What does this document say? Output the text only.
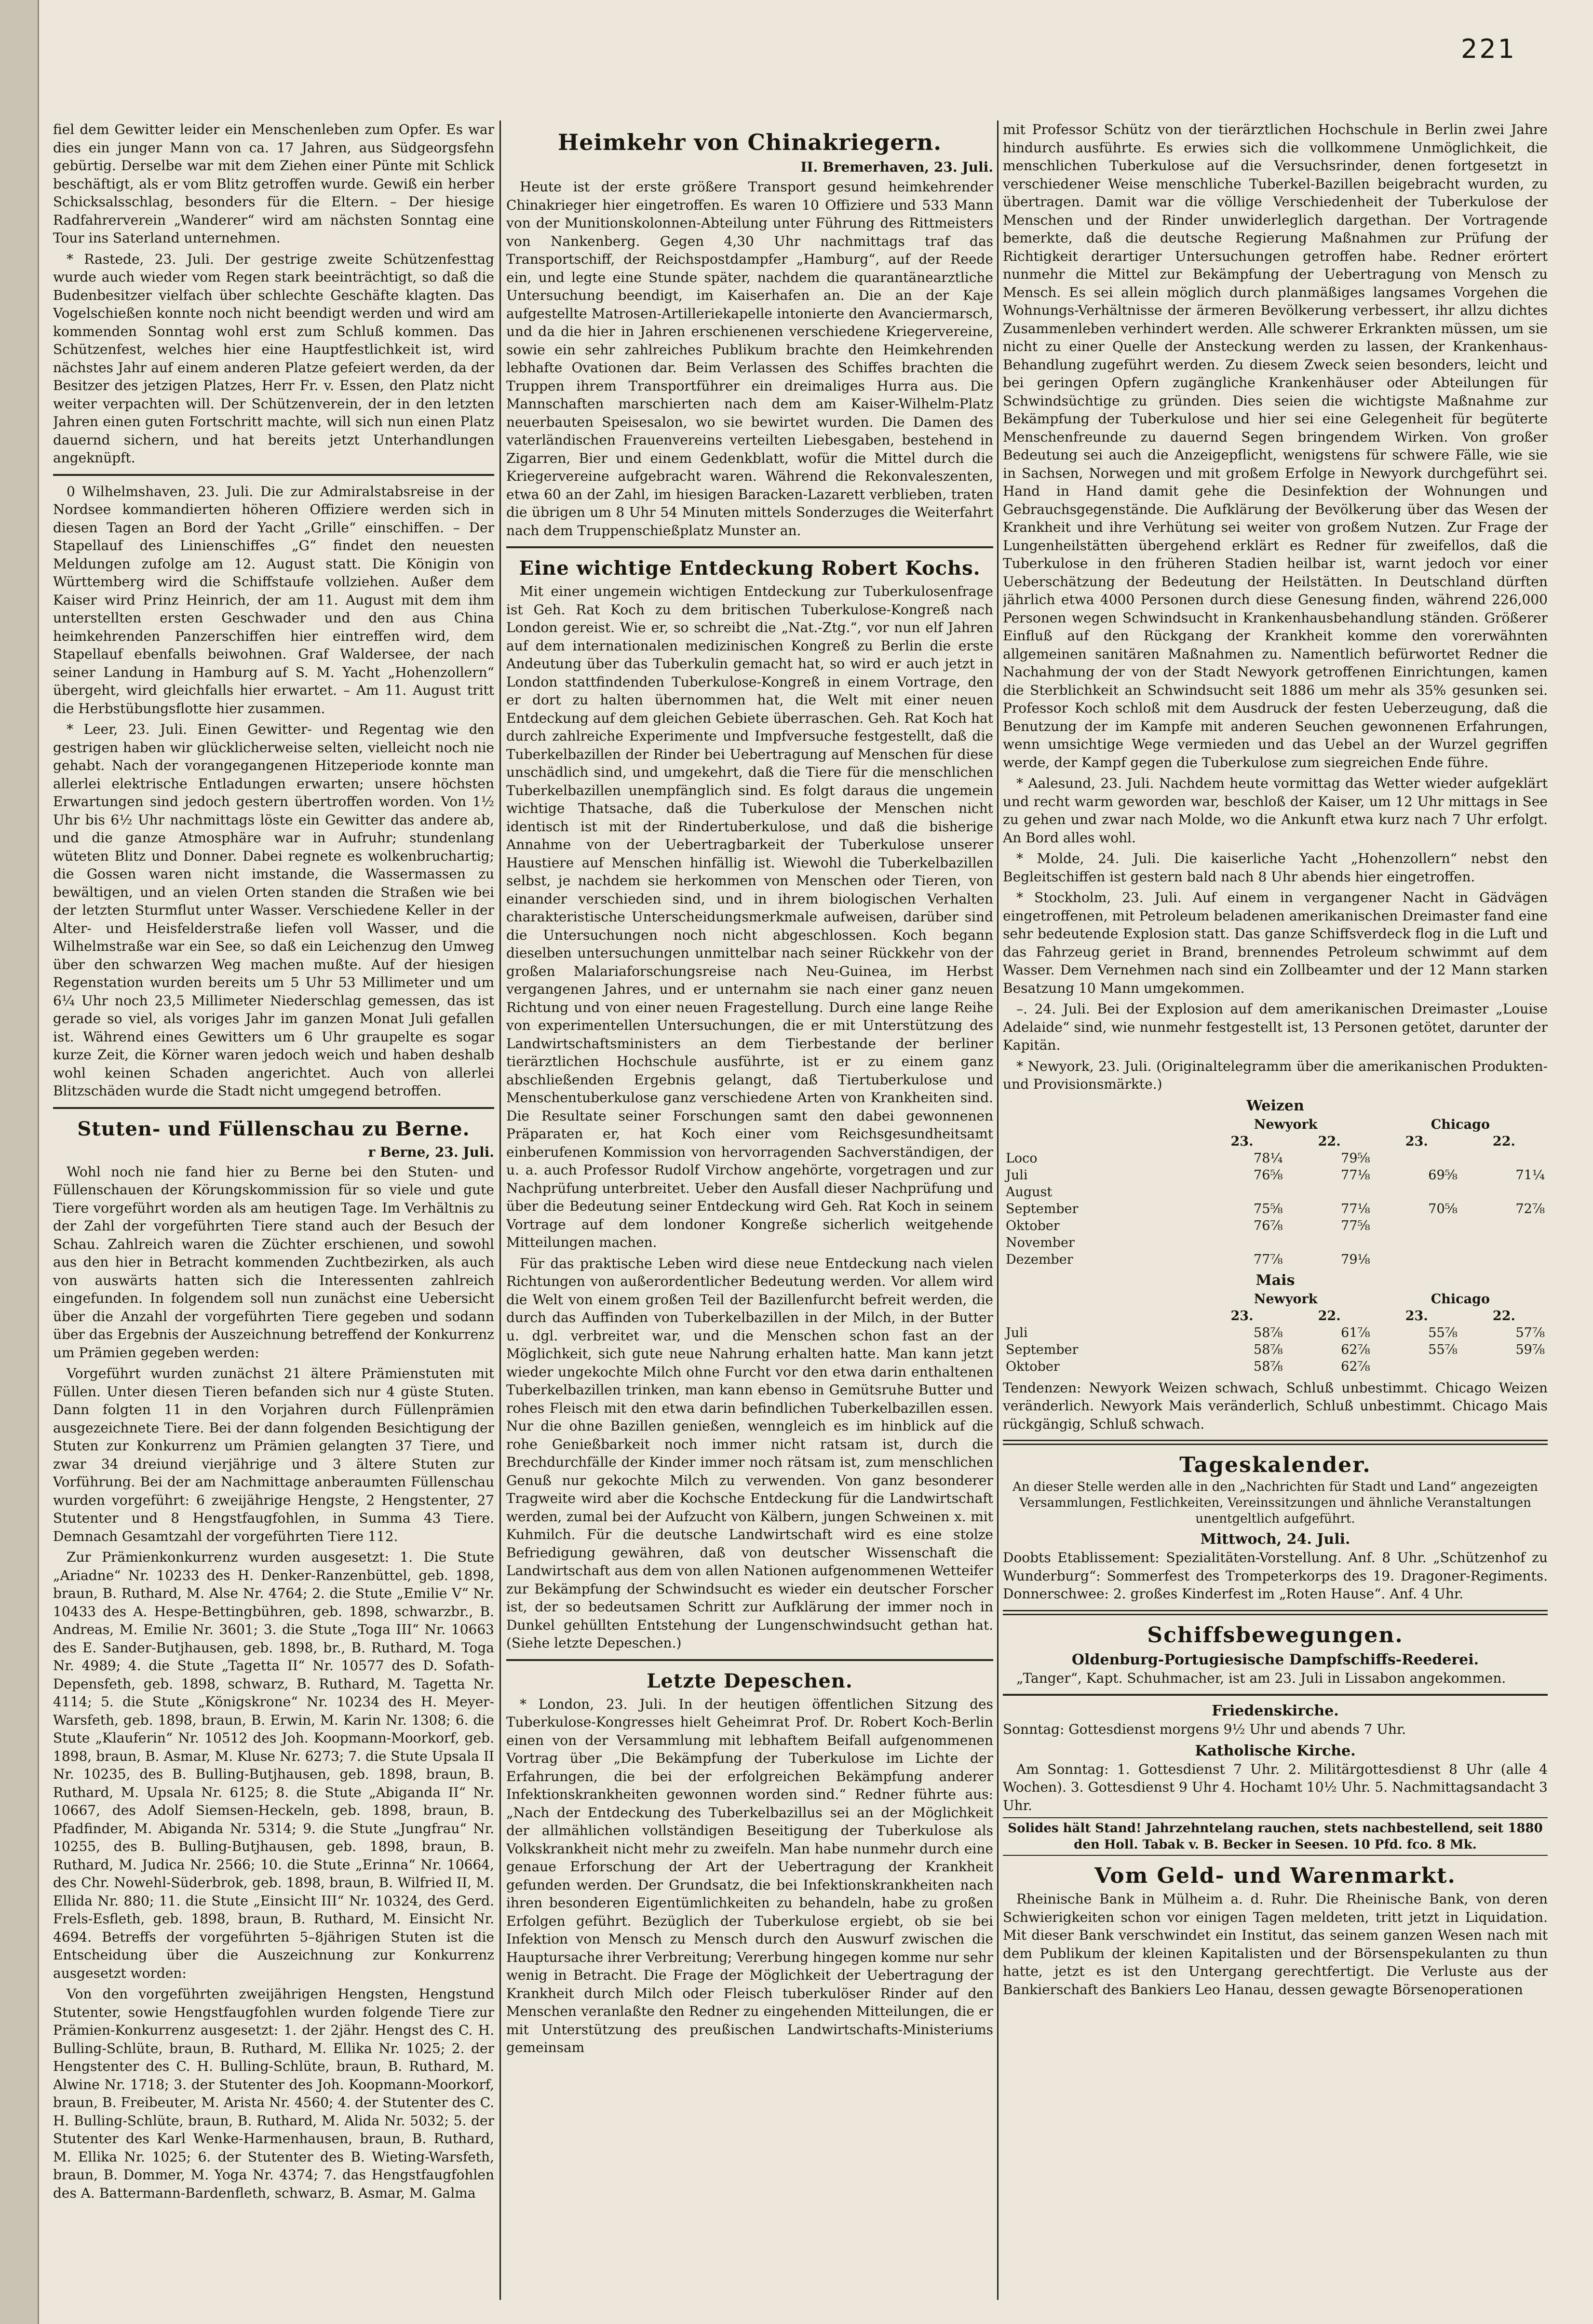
221

fiel dem Gewitter leider ein Menschenleben zum Opfer. Es war dies ein junger Mann von ca. 17 Jahren, aus Südgeorgsfehn gebürtig. Derselbe war mit dem Ziehen einer Pünte mit Schlick beschäftigt, als er vom Blitz getroffen wurde. Gewiß ein herber Schicksalsschlag, besonders für die Eltern. – Der hiesige Radfahrerverein „Wanderer“ wird am nächsten Sonntag eine Tour ins Saterland unternehmen.

* Rastede, 23. Juli. Der gestrige zweite Schützenfesttag wurde auch wieder vom Regen stark beeinträchtigt, so daß die Budenbesitzer vielfach über schlechte Geschäfte klagten. Das Vogelschießen konnte noch nicht beendigt werden und wird am kommenden Sonntag wohl erst zum Schluß kommen. Das Schützenfest, welches hier eine Hauptfestlichkeit ist, wird nächstes Jahr auf einem anderen Platze gefeiert werden, da der Besitzer des jetzigen Platzes, Herr Fr. v. Essen, den Platz nicht weiter verpachten will. Der Schützenverein, der in den letzten Jahren einen guten Fortschritt machte, will sich nun einen Platz dauernd sichern, und hat bereits jetzt Unterhandlungen angeknüpft.

0 Wilhelmshaven, 23. Juli. Die zur Admiralstabsreise in der Nordsee kommandierten höheren Offiziere werden sich in diesen Tagen an Bord der Yacht „Grille“ einschiffen. – Der Stapellauf des Linienschiffes „G“ findet den neuesten Meldungen zufolge am 12. August statt. Die Königin von Württemberg wird die Schiffstaufe vollziehen. Außer dem Kaiser wird Prinz Heinrich, der am 11. August mit dem ihm unterstellten ersten Geschwader und den aus China heimkehrenden Panzerschiffen hier eintreffen wird, dem Stapellauf ebenfalls beiwohnen. Graf Waldersee, der nach seiner Landung in Hamburg auf S. M. Yacht „Hohenzollern“ übergeht, wird gleichfalls hier erwartet. – Am 11. August tritt die Herbstübungsflotte hier zusammen.

* Leer, 23. Juli. Einen Gewitter- und Regentag wie den gestrigen haben wir glücklicherweise selten, vielleicht noch nie gehabt. Nach der vorangegangenen Hitzeperiode konnte man allerlei elektrische Entladungen erwarten; unsere höchsten Erwartungen sind jedoch gestern übertroffen worden. Von 1½ Uhr bis 6½ Uhr nachmittags löste ein Gewitter das andere ab, und die ganze Atmosphäre war in Aufruhr; stundenlang wüteten Blitz und Donner. Dabei regnete es wolkenbruchartig; die Gossen waren nicht imstande, die Wassermassen zu bewältigen, und an vielen Orten standen die Straßen wie bei der letzten Sturmflut unter Wasser. Verschiedene Keller in der Alter- und Heisfelderstraße liefen voll Wasser, und die Wilhelmstraße war ein See, so daß ein Leichenzug den Umweg über den schwarzen Weg machen mußte. Auf der hiesigen Regenstation wurden bereits um 5 Uhr 53 Millimeter und um 6¼ Uhr noch 23,5 Millimeter Niederschlag gemessen, das ist gerade so viel, als voriges Jahr im ganzen Monat Juli gefallen ist. Während eines Gewitters um 6 Uhr graupelte es sogar kurze Zeit, die Körner waren jedoch weich und haben deshalb wohl keinen Schaden angerichtet. Auch von allerlei Blitzschäden wurde die Stadt nicht umgegend betroffen.

Stuten- und Füllenschau zu Berne.
r Berne, 23. Juli.

Wohl noch nie fand hier zu Berne bei den Stuten- und Füllenschauen der Körungskommission für so viele und gute Tiere vorgeführt worden als am heutigen Tage. Im Verhältnis zu der Zahl der vorgeführten Tiere stand auch der Besuch der Schau. Zahlreich waren die Züchter erschienen, und sowohl aus den hier in Betracht kommenden Zuchtbezirken, als auch von auswärts hatten sich die Interessenten zahlreich eingefunden. In folgendem soll nun zunächst eine Uebersicht über die Anzahl der vorgeführten Tiere gegeben und sodann über das Ergebnis der Auszeichnung betreffend der Konkurrenz um Prämien gegeben werden:

Vorgeführt wurden zunächst 21 ältere Prämienstuten mit Füllen. Unter diesen Tieren befanden sich nur 4 güste Stuten. Dann folgten 11 in den Vorjahren durch Füllenprämien ausgezeichnete Tiere. Bei der dann folgenden Besichtigung der Stuten zur Konkurrenz um Prämien gelangten 37 Tiere, und zwar 34 dreiund vierjährige und 3 ältere Stuten zur Vorführung. Bei der am Nachmittage anberaumten Füllenschau wurden vorgeführt: 6 zweijährige Hengste, 2 Hengstenter, 27 Stutenter und 8 Hengstfaugfohlen, in Summa 43 Tiere. Demnach Gesamtzahl der vorgeführten Tiere 112.

Zur Prämienkonkurrenz wurden ausgesetzt: 1. Die Stute „Ariadne“ Nr. 10233 des H. Denker-Ranzenbüttel, geb. 1898, braun, B. Ruthard, M. Alse Nr. 4764; 2. die Stute „Emilie V“ Nr. 10433 des A. Hespe-Bettingbühren, geb. 1898, schwarzbr., B. Andreas, M. Emilie Nr. 3601; 3. die Stute „Toga III“ Nr. 10663 des E. Sander-Butjhausen, geb. 1898, br., B. Ruthard, M. Toga Nr. 4989; 4. die Stute „Tagetta II“ Nr. 10577 des D. Sofath-Depensfeth, geb. 1898, schwarz, B. Ruthard, M. Tagetta Nr. 4114; 5. die Stute „Königskrone“ Nr. 10234 des H. Meyer-Warsfeth, geb. 1898, braun, B. Erwin, M. Karin Nr. 1308; 6. die Stute „Klauferin“ Nr. 10512 des Joh. Koopmann-Moorkorf, geb. 1898, braun, B. Asmar, M. Kluse Nr. 6273; 7. die Stute Upsala II Nr. 10235, des B. Bulling-Butjhausen, geb. 1898, braun, B. Ruthard, M. Upsala Nr. 6125; 8. die Stute „Abiganda II“ Nr. 10667, des Adolf Siemsen-Heckeln, geb. 1898, braun, B. Pfadfinder, M. Abiganda Nr. 5314; 9. die Stute „Jungfrau“ Nr. 10255, des B. Bulling-Butjhausen, geb. 1898, braun, B. Ruthard, M. Judica Nr. 2566; 10. die Stute „Erinna“ Nr. 10664, des Chr. Nowehl-Süderbrok, geb. 1898, braun, B. Wilfried II, M. Ellida Nr. 880; 11. die Stute „Einsicht III“ Nr. 10324, des Gerd. Frels-Esfleth, geb. 1898, braun, B. Ruthard, M. Einsicht Nr. 4694. Betreffs der vorgeführten 5–8jährigen Stuten ist die Entscheidung über die Auszeichnung zur Konkurrenz ausgesetzt worden:

Von den vorgeführten zweijährigen Hengsten, Hengstund Stutenter, sowie Hengstfaugfohlen wurden folgende Tiere zur Prämien-Konkurrenz ausgesetzt: 1. der 2jähr. Hengst des C. H. Bulling-Schlüte, braun, B. Ruthard, M. Ellika Nr. 1025; 2. der Hengstenter des C. H. Bulling-Schlüte, braun, B. Ruthard, M. Alwine Nr. 1718; 3. der Stutenter des Joh. Koopmann-Moorkorf, braun, B. Freibeuter, M. Arista Nr. 4560; 4. der Stutenter des C. H. Bulling-Schlüte, braun, B. Ruthard, M. Alida Nr. 5032; 5. der Stutenter des Karl Wenke-Harmenhausen, braun, B. Ruthard, M. Ellika Nr. 1025; 6. der Stutenter des B. Wieting-Warsfeth, braun, B. Dommer, M. Yoga Nr. 4374; 7. das Hengstfaugfohlen des A. Battermann-Bardenfleth, schwarz, B. Asmar, M. Galma

Heimkehr von Chinakriegern.
II. Bremerhaven, 23. Juli.

Heute ist der erste größere Transport gesund heimkehrender Chinakrieger hier eingetroffen. Es waren 10 Offiziere und 533 Mann von der Munitionskolonnen-Abteilung unter Führung des Rittmeisters von Nankenberg. Gegen 4,30 Uhr nachmittags traf das Transportschiff, der Reichspostdampfer „Hamburg“, auf der Reede ein, und legte eine Stunde später, nachdem die quarantänearztliche Untersuchung beendigt, im Kaiserhafen an. Die an der Kaje aufgestellte Matrosen-Artilleriekapelle intonierte den Avanciermarsch, und da die hier in Jahren erschienenen verschiedene Kriegervereine, sowie ein sehr zahlreiches Publikum brachte den Heimkehrenden lebhafte Ovationen dar. Beim Verlassen des Schiffes brachten die Truppen ihrem Transportführer ein dreimaliges Hurra aus. Die Mannschaften marschierten nach dem am Kaiser-Wilhelm-Platz neuerbauten Speisesalon, wo sie bewirtet wurden. Die Damen des vaterländischen Frauenvereins verteilten Liebesgaben, bestehend in Zigarren, Bier und einem Gedenkblatt, wofür die Mittel durch die Kriegervereine aufgebracht waren. Während die Rekonvaleszenten, etwa 60 an der Zahl, im hiesigen Baracken-Lazarett verblieben, traten die übrigen um 8 Uhr 54 Minuten mittels Sonderzuges die Weiterfahrt nach dem Truppenschießplatz Munster an.

Eine wichtige Entdeckung Robert Kochs.

Mit einer ungemein wichtigen Entdeckung zur Tuberkulosenfrage ist Geh. Rat Koch zu dem britischen Tuberkulose-Kongreß nach London gereist. Wie er, so schreibt die „Nat.-Ztg.“, vor nun elf Jahren auf dem internationalen medizinischen Kongreß zu Berlin die erste Andeutung über das Tuberkulin gemacht hat, so wird er auch jetzt in London stattfindenden Tuberkulose-Kongreß in einem Vortrage, den er dort zu halten übernommen hat, die Welt mit einer neuen Entdeckung auf dem gleichen Gebiete überraschen. Geh. Rat Koch hat durch zahlreiche Experimente und Impfversuche festgestellt, daß die Tuberkelbazillen der Rinder bei Uebertragung auf Menschen für diese unschädlich sind, und umgekehrt, daß die Tiere für die menschlichen Tuberkelbazillen unempfänglich sind. Es folgt daraus die ungemein wichtige Thatsache, daß die Tuberkulose der Menschen nicht identisch ist mit der Rindertuberkulose, und daß die bisherige Annahme von der Uebertragbarkeit der Tuberkulose unserer Haustiere auf Menschen hinfällig ist. Wiewohl die Tuberkelbazillen selbst, je nachdem sie herkommen von Menschen oder Tieren, von einander verschieden sind, und in ihrem biologischen Verhalten charakteristische Unterscheidungsmerkmale aufweisen, darüber sind die Untersuchungen noch nicht abgeschlossen. Koch begann dieselben untersuchungen unmittelbar nach seiner Rückkehr von der großen Malariaforschungsreise nach Neu-Guinea, im Herbst vergangenen Jahres, und er unternahm sie nach einer ganz neuen Richtung und von einer neuen Fragestellung. Durch eine lange Reihe von experimentellen Untersuchungen, die er mit Unterstützung des Landwirtschaftsministers an dem Tierbestande der berliner tierärztlichen Hochschule ausführte, ist er zu einem ganz abschließenden Ergebnis gelangt, daß Tiertuberkulose und Menschentuberkulose ganz verschiedene Arten von Krankheiten sind. Die Resultate seiner Forschungen samt den dabei gewonnenen Präparaten er, hat Koch einer vom Reichsgesundheitsamt einberufenen Kommission von hervorragenden Sachverständigen, der u. a. auch Professor Rudolf Virchow angehörte, vorgetragen und zur Nachprüfung unterbreitet. Ueber den Ausfall dieser Nachprüfung und über die Bedeutung seiner Entdeckung wird Geh. Rat Koch in seinem Vortrage auf dem londoner Kongreße sicherlich weitgehende Mitteilungen machen.

Für das praktische Leben wird diese neue Entdeckung nach vielen Richtungen von außerordentlicher Bedeutung werden. Vor allem wird die Welt von einem großen Teil der Bazillenfurcht befreit werden, die durch das Auffinden von Tuberkelbazillen in der Milch, in der Butter u. dgl. verbreitet war, und die Menschen schon fast an der Möglichkeit, sich gute neue Nahrung erhalten hatte. Man kann jetzt wieder ungekochte Milch ohne Furcht vor den etwa darin enthaltenen Tuberkelbazillen trinken, man kann ebenso in Gemütsruhe Butter und rohes Fleisch mit den etwa darin befindlichen Tuberkelbazillen essen. Nur die ohne Bazillen genießen, wenngleich es im hinblick auf die rohe Genießbarkeit noch immer nicht ratsam ist, durch die Brechdurchfälle der Kinder immer noch rätsam ist, zum menschlichen Genuß nur gekochte Milch zu verwenden. Von ganz besonderer Tragweite wird aber die Kochsche Entdeckung für die Landwirtschaft werden, zumal bei der Aufzucht von Kälbern, jungen Schweinen x. mit Kuhmilch. Für die deutsche Landwirtschaft wird es eine stolze Befriedigung gewähren, daß von deutscher Wissenschaft die Landwirtschaft aus dem von allen Nationen aufgenommenen Wetteifer zur Bekämpfung der Schwindsucht es wieder ein deutscher Forscher ist, der so bedeutsamen Schritt zur Aufklärung der immer noch in Dunkel gehüllten Entstehung der Lungenschwindsucht gethan hat. (Siehe letzte Depeschen.)

Letzte Depeschen.

* London, 23. Juli. In der heutigen öffentlichen Sitzung des Tuberkulose-Kongresses hielt Geheimrat Prof. Dr. Robert Koch-Berlin einen von der Versammlung mit lebhaftem Beifall aufgenommenen Vortrag über „Die Bekämpfung der Tuberkulose im Lichte der Erfahrungen, die bei der erfolgreichen Bekämpfung anderer Infektionskrankheiten gewonnen worden sind.“ Redner führte aus: „Nach der Entdeckung des Tuberkelbazillus sei an der Möglichkeit der allmählichen vollständigen Beseitigung der Tuberkulose als Volkskrankheit nicht mehr zu zweifeln. Man habe nunmehr durch eine genaue Erforschung der Art der Uebertragung der Krankheit gefunden werden. Der Grundsatz, die bei Infektionskrankheiten nach ihren besonderen Eigentümlichkeiten zu behandeln, habe zu großen Erfolgen geführt. Bezüglich der Tuberkulose ergiebt, ob sie bei Infektion von Mensch zu Mensch durch den Auswurf zwischen die Hauptursache ihrer Verbreitung; Vererbung hingegen komme nur sehr wenig in Betracht. Die Frage der Möglichkeit der Uebertragung der Krankheit durch Milch oder Fleisch tuberkulöser Rinder auf den Menschen veranlaßte den Redner zu eingehenden Mitteilungen, die er mit Unterstützung des preußischen Landwirtschafts-Ministeriums gemeinsam

mit Professor Schütz von der tierärztlichen Hochschule in Berlin zwei Jahre hindurch ausführte. Es erwies sich die vollkommene Unmöglichkeit, die menschlichen Tuberkulose auf die Versuchsrinder, denen fortgesetzt in verschiedener Weise menschliche Tuberkel-Bazillen beigebracht wurden, zu übertragen. Damit war die völlige Verschiedenheit der Tuberkulose der Menschen und der Rinder unwiderleglich dargethan. Der Vortragende bemerkte, daß die deutsche Regierung Maßnahmen zur Prüfung der Richtigkeit derartiger Untersuchungen getroffen habe. Redner erörtert nunmehr die Mittel zur Bekämpfung der Uebertragung von Mensch zu Mensch. Es sei allein möglich durch planmäßiges langsames Vorgehen die Wohnungs-Verhältnisse der ärmeren Bevölkerung verbessert, ihr allzu dichtes Zusammenleben verhindert werden. Alle schwerer Erkrankten müssen, um sie nicht zu einer Quelle der Ansteckung werden zu lassen, der Krankenhaus-Behandlung zugeführt werden. Zu diesem Zweck seien besonders, leicht und bei geringen Opfern zugängliche Krankenhäuser oder Abteilungen für Schwindsüchtige zu gründen. Dies seien die wichtigste Maßnahme zur Bekämpfung der Tuberkulose und hier sei eine Gelegenheit für begüterte Menschenfreunde zu dauernd Segen bringendem Wirken. Von großer Bedeutung sei auch die Anzeigepflicht, wenigstens für schwere Fälle, wie sie in Sachsen, Norwegen und mit großem Erfolge in Newyork durchgeführt sei. Hand in Hand damit gehe die Desinfektion der Wohnungen und Gebrauchsgegenstände. Die Aufklärung der Bevölkerung über das Wesen der Krankheit und ihre Verhütung sei weiter von großem Nutzen. Zur Frage der Lungenheilstätten übergehend erklärt es Redner für zweifellos, daß die Tuberkulose in den früheren Stadien heilbar ist, warnt jedoch vor einer Ueberschätzung der Bedeutung der Heilstätten. In Deutschland dürften jährlich etwa 4000 Personen durch diese Genesung finden, während 226,000 Personen wegen Schwindsucht in Krankenhausbehandlung ständen. Größerer Einfluß auf den Rückgang der Krankheit komme den vorerwähnten allgemeinen sanitären Maßnahmen zu. Namentlich befürwortet Redner die Nachahmung der von der Stadt Newyork getroffenen Einrichtungen, kamen die Sterblichkeit an Schwindsucht seit 1886 um mehr als 35% gesunken sei. Professor Koch schloß mit dem Ausdruck der festen Ueberzeugung, daß die Benutzung der im Kampfe mit anderen Seuchen gewonnenen Erfahrungen, wenn umsichtige Wege vermieden und das Uebel an der Wurzel gegriffen werde, der Kampf gegen die Tuberkulose zum siegreichen Ende führe.

* Aalesund, 23. Juli. Nachdem heute vormittag das Wetter wieder aufgeklärt und recht warm geworden war, beschloß der Kaiser, um 12 Uhr mittags in See zu gehen und zwar nach Molde, wo die Ankunft etwa kurz nach 7 Uhr erfolgt. An Bord alles wohl.

* Molde, 24. Juli. Die kaiserliche Yacht „Hohenzollern“ nebst den Begleitschiffen ist gestern bald nach 8 Uhr abends hier eingetroffen.

* Stockholm, 23. Juli. Auf einem in vergangener Nacht in Gädvägen eingetroffenen, mit Petroleum beladenen amerikanischen Dreimaster fand eine sehr bedeutende Explosion statt. Das ganze Schiffsverdeck flog in die Luft und das Fahrzeug geriet in Brand, brennendes Petroleum schwimmt auf dem Wasser. Dem Vernehmen nach sind ein Zollbeamter und der 12 Mann starken Besatzung 10 Mann umgekommen.

–. 24. Juli. Bei der Explosion auf dem amerikanischen Dreimaster „Louise Adelaide“ sind, wie nunmehr festgestellt ist, 13 Personen getötet, darunter der Kapitän.

* Newyork, 23. Juli. (Originaltelegramm über die amerikanischen Produkten- und Provisionsmärkte.)

Weizen
	Newyork		Chicago	
	23.	22.	23.	22.
Loco	78¼	79⅝		
Juli	76⅝	77⅛	69⅝	71¼
August				
September	75⅝	77⅛	70⅝	72⅞
Oktober	76⅞	77⅝		
November				
Dezember	77⅞	79⅛		
Mais
	Newyork		Chicago	
	23.	22.	23.	22.
Juli	58⅞	61⅞	55⅞	57⅞
September	58⅞	62⅞	55⅞	59⅞
Oktober	58⅞	62⅞		

Tendenzen: Newyork Weizen schwach, Schluß unbestimmt. Chicago Weizen veränderlich. Newyork Mais veränderlich, Schluß unbestimmt. Chicago Mais rückgängig, Schluß schwach.

Tageskalender.
An dieser Stelle werden alle in den „Nachrichten für Stadt und Land“ angezeigten Versammlungen, Festlichkeiten, Vereinssitzungen und ähnliche Veranstaltungen unentgeltlich aufgeführt.
Mittwoch, 24. Juli.

Doobts Etablissement: Spezialitäten-Vorstellung. Anf. 8 Uhr. „Schützenhof zu Wunderburg“: Sommerfest des Trompeterkorps des 19. Dragoner-Regiments. Donnerschwee: 2. großes Kinderfest im „Roten Hause“. Anf. 4 Uhr.

Schiffsbewegungen.
Oldenburg-Portugiesische Dampfschiffs-Reederei.

„Tanger“, Kapt. Schuhmacher, ist am 23. Juli in Lissabon angekommen.

Friedenskirche.

Sonntag: Gottesdienst morgens 9½ Uhr und abends 7 Uhr.

Katholische Kirche.

Am Sonntag: 1. Gottesdienst 7 Uhr. 2. Militärgottesdienst 8 Uhr (alle 4 Wochen). 3. Gottesdienst 9 Uhr 4. Hochamt 10½ Uhr. 5. Nachmittagsandacht 3 Uhr.

Solides hält Stand! Jahrzehntelang rauchen, stets nachbestellend, seit 1880 den Holl. Tabak v. B. Becker in Seesen. 10 Pfd. fco. 8 Mk.
Vom Geld- und Warenmarkt.

Rheinische Bank in Mülheim a. d. Ruhr. Die Rheinische Bank, von deren Schwierigkeiten schon vor einigen Tagen meldeten, tritt jetzt in Liquidation. Mit dieser Bank verschwindet ein Institut, das seinem ganzen Wesen nach mit dem Publikum der kleinen Kapitalisten und der Börsenspekulanten zu thun hatte, jetzt es ist den Untergang gerechtfertigt. Die Verluste aus der Bankierschaft des Bankiers Leo Hanau, dessen gewagte Börsenoperationen
